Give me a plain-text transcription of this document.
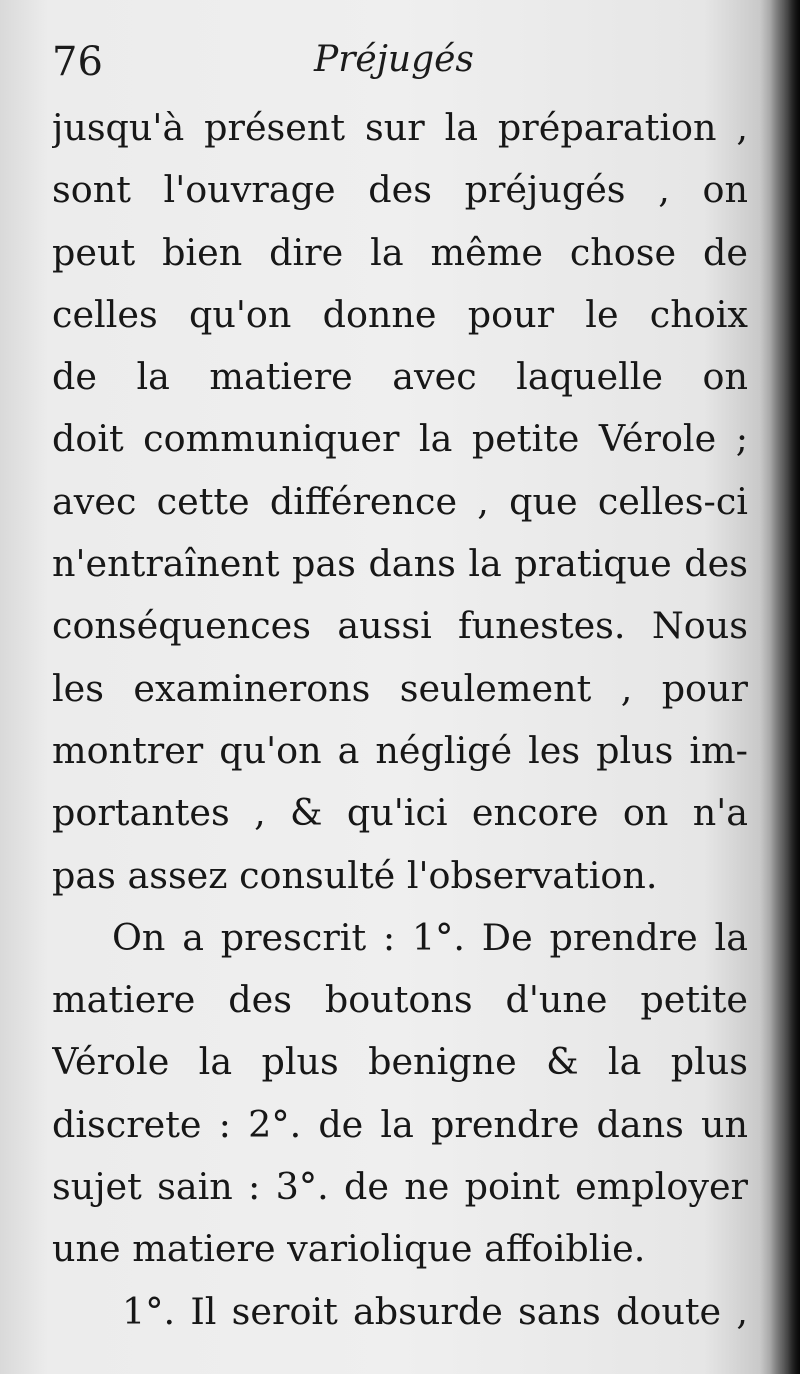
76	Préjugés
jusqu'à présent sur la préparation ,
sont l'ouvrage des préjugés , on
peut bien dire la même chose de
celles qu'on donne pour le choix
de la matiere avec laquelle on
doit communiquer la petite Vérole ;
avec cette différence , que celles-ci
n'entraînent pas dans la pratique des
conséquences aussi funestes. Nous
les examinerons seulement , pour
montrer qu'on a négligé les plus im-
portantes , & qu'ici encore on n'a
pas assez consulté l'observation.
On a prescrit : 1°. De prendre la
matiere des boutons d'une petite
Vérole la plus benigne & la plus
discrete : 2°. de la prendre dans un
sujet sain : 3°. de ne point employer
une matiere variolique affoiblie.
1°. Il seroit absurde sans doute ,
